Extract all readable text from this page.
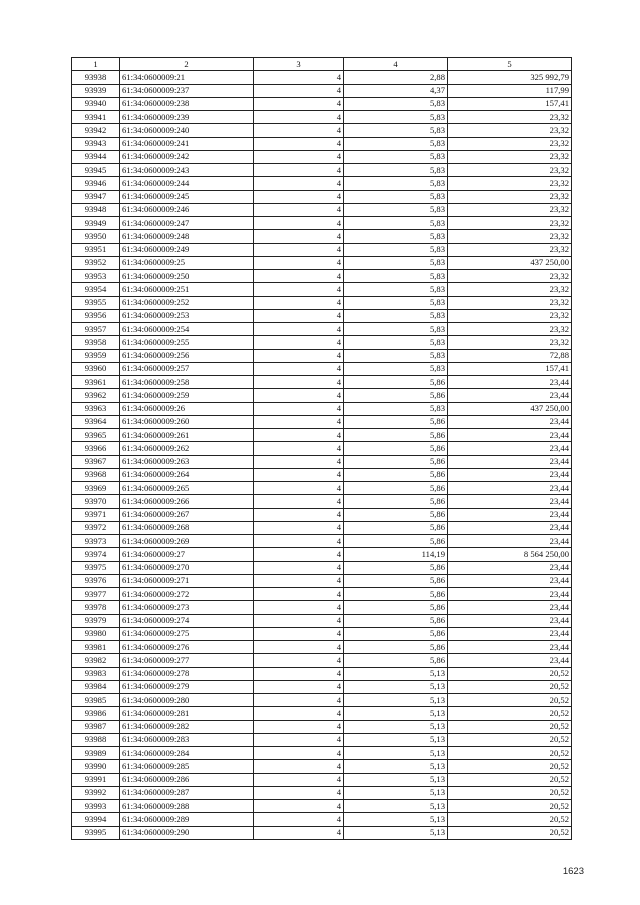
1	2	3	4	5
93938	61:34:0600009:21	4	2,88	325 992,79
93939	61:34:0600009:237	4	4,37	117,99
93940	61:34:0600009:238	4	5,83	157,41
93941	61:34:0600009:239	4	5,83	23,32
93942	61:34:0600009:240	4	5,83	23,32
93943	61:34:0600009:241	4	5,83	23,32
93944	61:34:0600009:242	4	5,83	23,32
93945	61:34:0600009:243	4	5,83	23,32
93946	61:34:0600009:244	4	5,83	23,32
93947	61:34:0600009:245	4	5,83	23,32
93948	61:34:0600009:246	4	5,83	23,32
93949	61:34:0600009:247	4	5,83	23,32
93950	61:34:0600009:248	4	5,83	23,32
93951	61:34:0600009:249	4	5,83	23,32
93952	61:34:0600009:25	4	5,83	437 250,00
93953	61:34:0600009:250	4	5,83	23,32
93954	61:34:0600009:251	4	5,83	23,32
93955	61:34:0600009:252	4	5,83	23,32
93956	61:34:0600009:253	4	5,83	23,32
93957	61:34:0600009:254	4	5,83	23,32
93958	61:34:0600009:255	4	5,83	23,32
93959	61:34:0600009:256	4	5,83	72,88
93960	61:34:0600009:257	4	5,83	157,41
93961	61:34:0600009:258	4	5,86	23,44
93962	61:34:0600009:259	4	5,86	23,44
93963	61:34:0600009:26	4	5,83	437 250,00
93964	61:34:0600009:260	4	5,86	23,44
93965	61:34:0600009:261	4	5,86	23,44
93966	61:34:0600009:262	4	5,86	23,44
93967	61:34:0600009:263	4	5,86	23,44
93968	61:34:0600009:264	4	5,86	23,44
93969	61:34:0600009:265	4	5,86	23,44
93970	61:34:0600009:266	4	5,86	23,44
93971	61:34:0600009:267	4	5,86	23,44
93972	61:34:0600009:268	4	5,86	23,44
93973	61:34:0600009:269	4	5,86	23,44
93974	61:34:0600009:27	4	114,19	8 564 250,00
93975	61:34:0600009:270	4	5,86	23,44
93976	61:34:0600009:271	4	5,86	23,44
93977	61:34:0600009:272	4	5,86	23,44
93978	61:34:0600009:273	4	5,86	23,44
93979	61:34:0600009:274	4	5,86	23,44
93980	61:34:0600009:275	4	5,86	23,44
93981	61:34:0600009:276	4	5,86	23,44
93982	61:34:0600009:277	4	5,86	23,44
93983	61:34:0600009:278	4	5,13	20,52
93984	61:34:0600009:279	4	5,13	20,52
93985	61:34:0600009:280	4	5,13	20,52
93986	61:34:0600009:281	4	5,13	20,52
93987	61:34:0600009:282	4	5,13	20,52
93988	61:34:0600009:283	4	5,13	20,52
93989	61:34:0600009:284	4	5,13	20,52
93990	61:34:0600009:285	4	5,13	20,52
93991	61:34:0600009:286	4	5,13	20,52
93992	61:34:0600009:287	4	5,13	20,52
93993	61:34:0600009:288	4	5,13	20,52
93994	61:34:0600009:289	4	5,13	20,52
93995	61:34:0600009:290	4	5,13	20,52
1623
